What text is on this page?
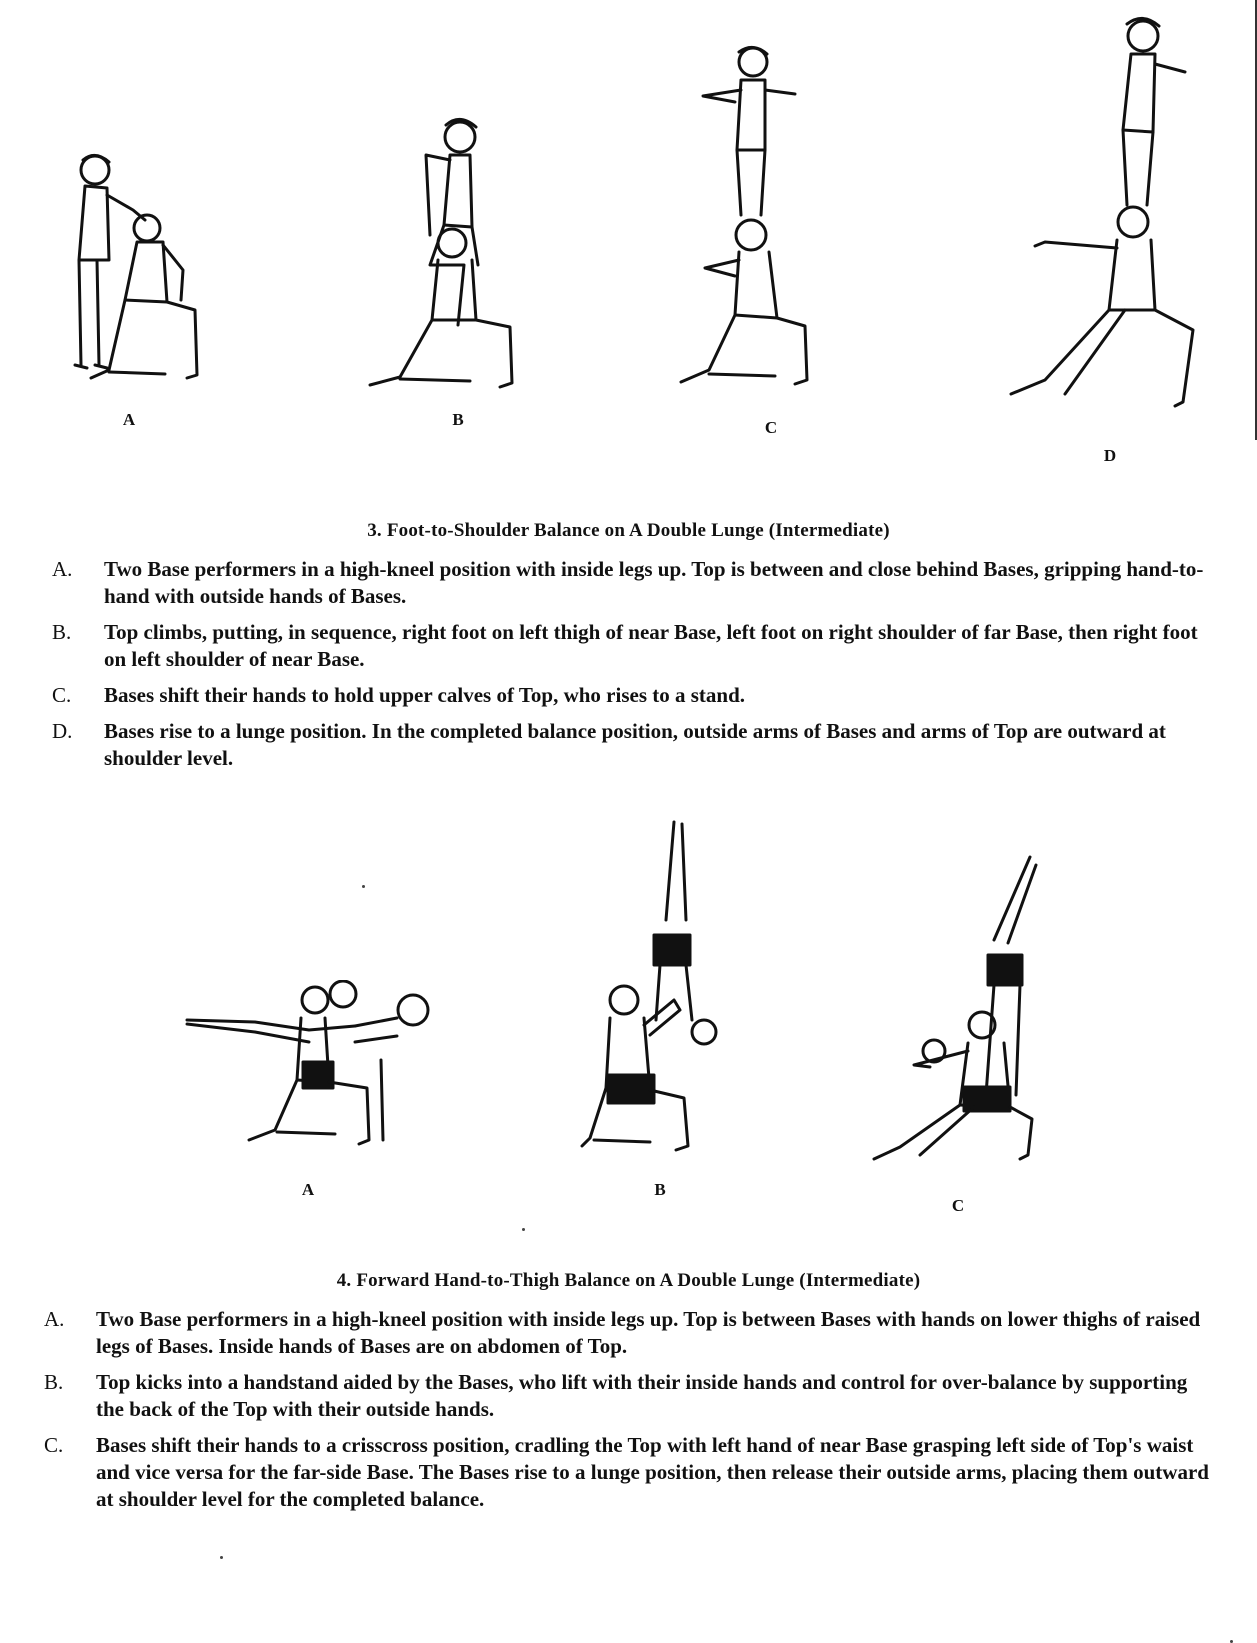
A	B	C
D
3. Foot-to-Shoulder Balance on A Double Lunge (Intermediate)
A.	Two Base performers in a high-kneel position with inside legs up. Top is between and close behind Bases, gripping hand-to-hand with outside hands of Bases.
B.	Top climbs, putting, in sequence, right foot on left thigh of near Base, left foot on right shoulder of far Base, then right foot on left shoulder of near Base.
C.	Bases shift their hands to hold upper calves of Top, who rises to a stand.
D.	Bases rise to a lunge position. In the completed balance position, outside arms of Bases and arms of Top are outward at shoulder level.
A	B
C
4. Forward Hand-to-Thigh Balance on A Double Lunge (Intermediate)
A.	Two Base performers in a high-kneel position with inside legs up. Top is between Bases with hands on lower thighs of raised legs of Bases. Inside hands of Bases are on abdomen of Top.
B.	Top kicks into a handstand aided by the Bases, who lift with their inside hands and control for over-balance by supporting the back of the Top with their outside hands.
C.	Bases shift their hands to a crisscross position, cradling the Top with left hand of near Base grasping left side of Top's waist and vice versa for the far-side Base. The Bases rise to a lunge position, then release their outside arms, placing them outward at shoulder level for the completed balance.
